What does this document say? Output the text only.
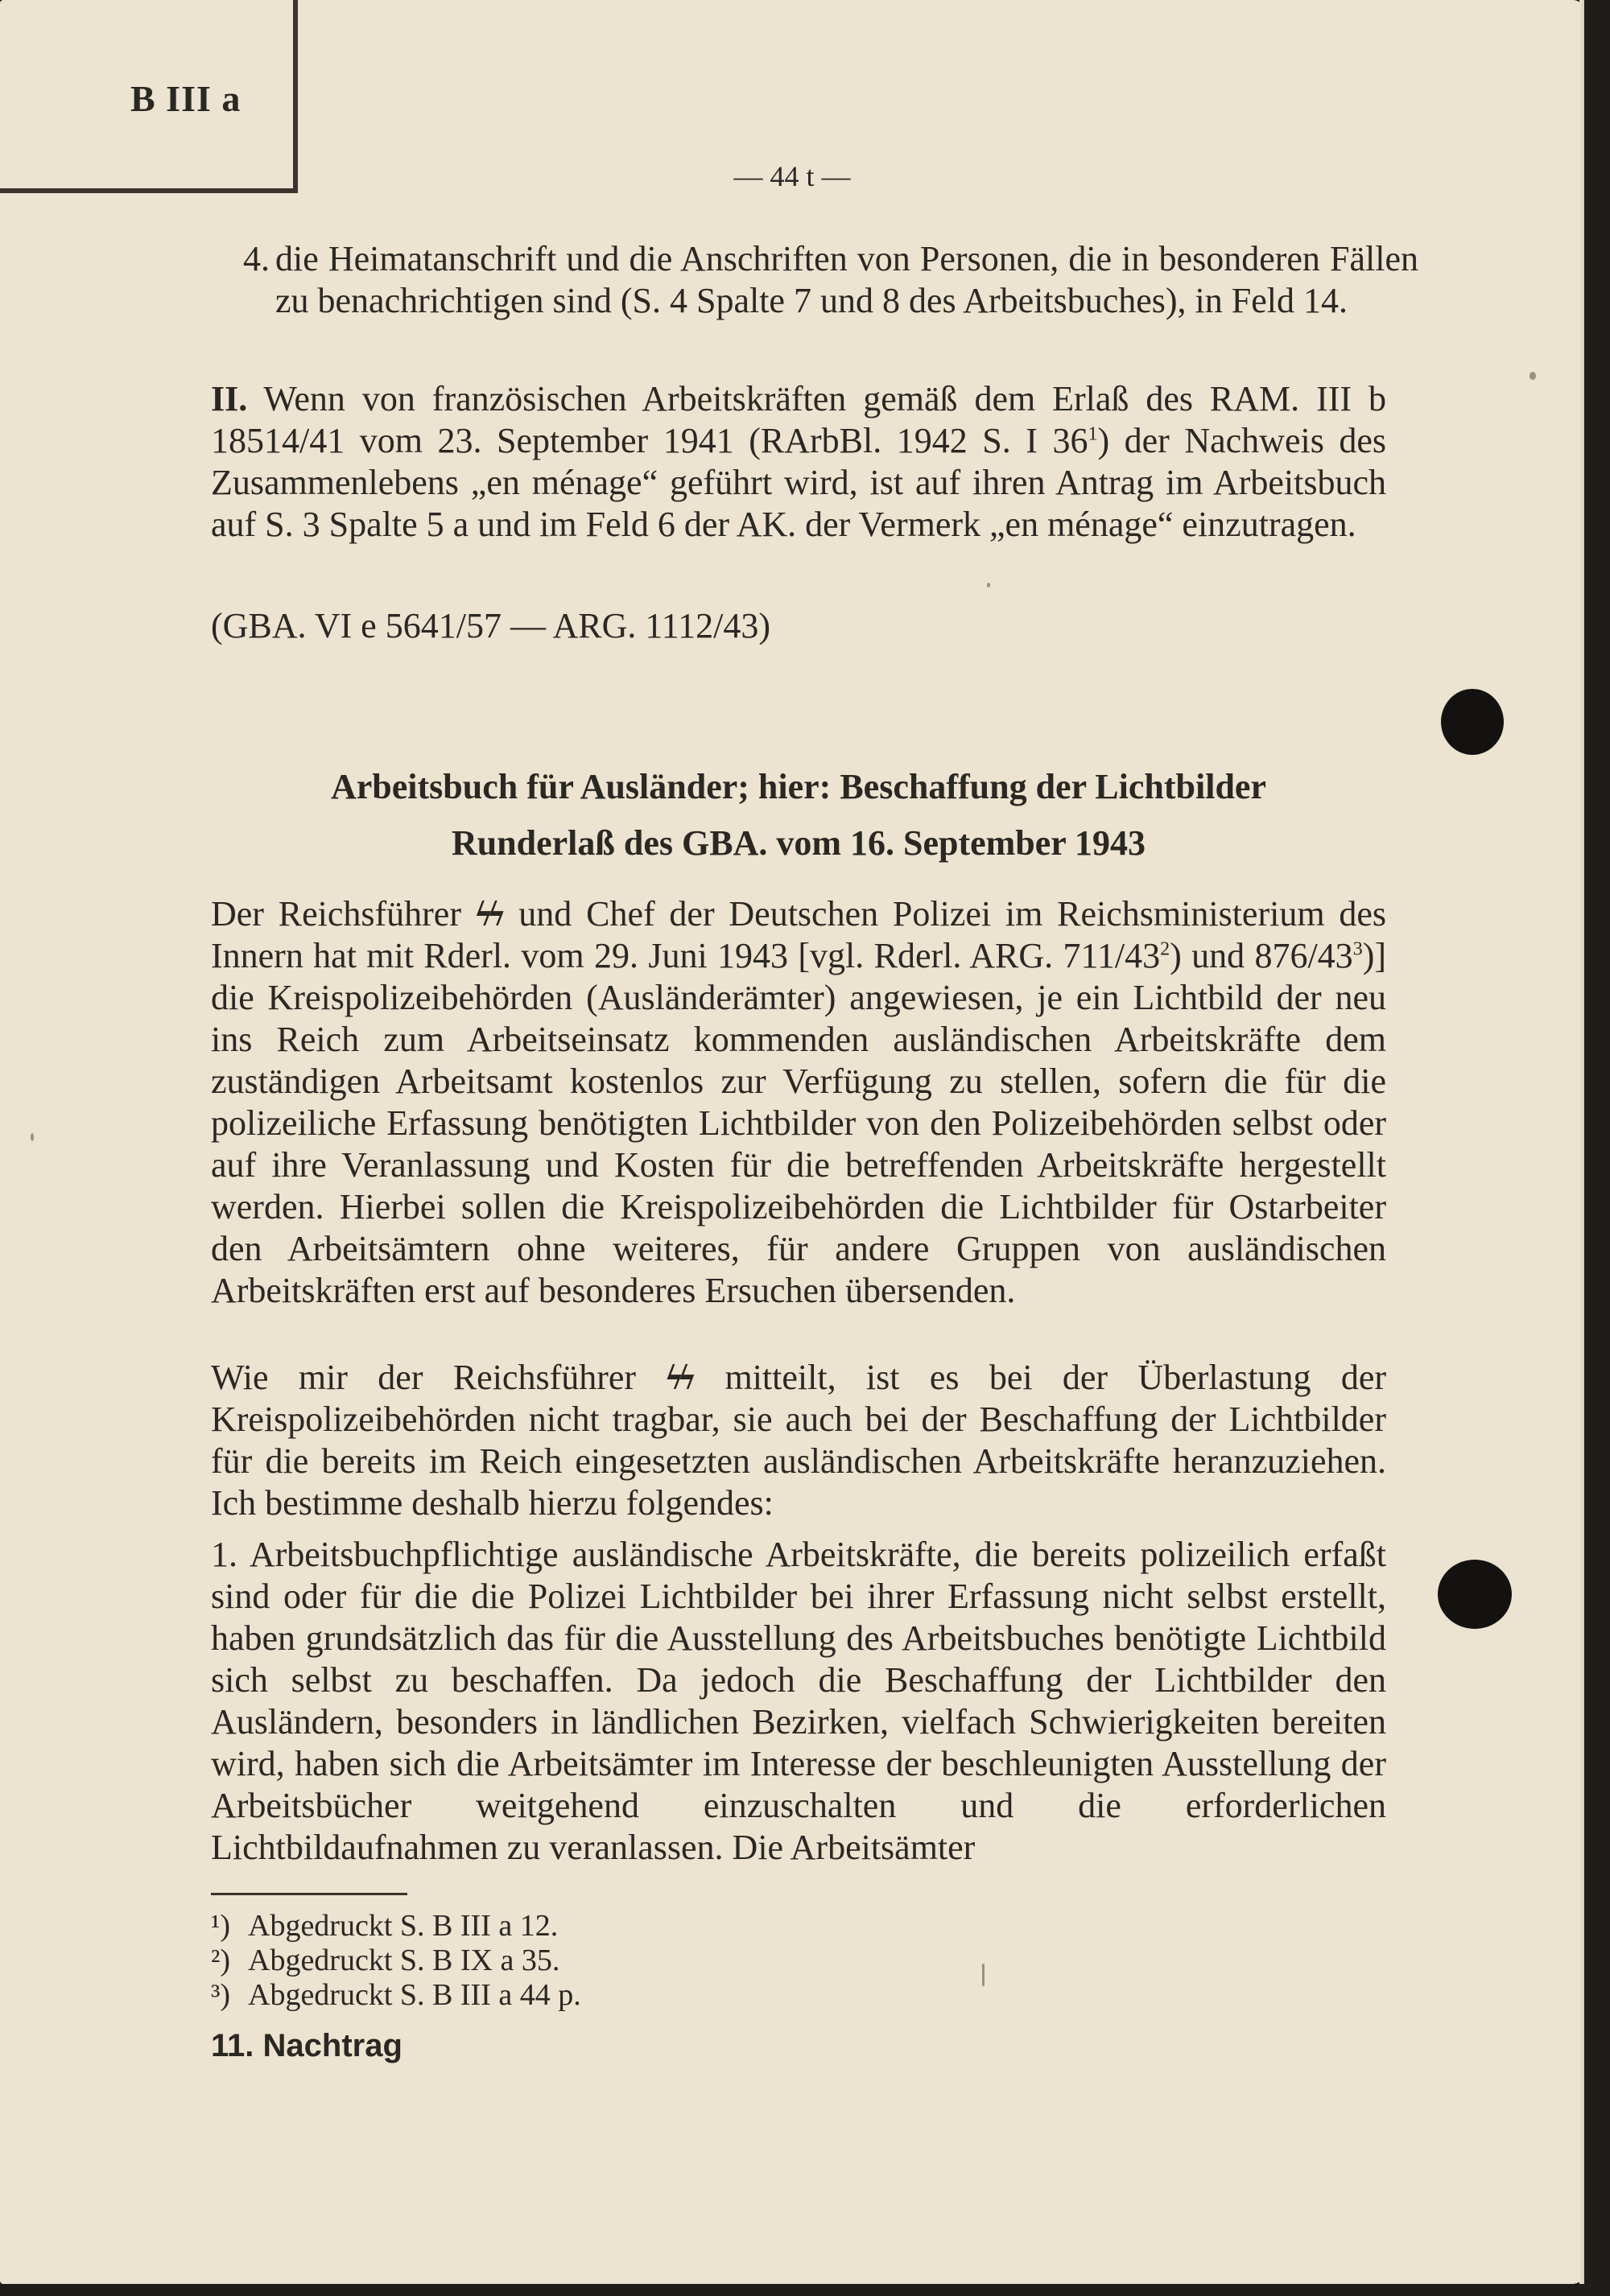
B III a
— 44 t —

4. die Heimatanschrift und die Anschriften von Personen, die in besonderen Fällen zu benachrichtigen sind (S. 4 Spalte 7 und 8 des Arbeitsbuches), in Feld 14.

II. Wenn von französischen Arbeitskräften gemäß dem Erlaß des RAM. III b 18514/41 vom 23. September 1941 (RArbBl. 1942 S. I $36^1$) der Nachweis des Zusammenlebens „en ménage“ geführt wird, ist auf ihren Antrag im Arbeitsbuch auf S. 3 Spalte 5 a und im Feld 6 der AK. der Vermerk „en ménage“ einzutragen.

(GBA. VI e 5641/57 — ARG. 1112/43)

Arbeitsbuch für Ausländer; hier: Beschaffung der Lichtbilder
Runderlaß des GBA. vom 16. September 1943

Der Reichsführer ϟϟ und Chef der Deutschen Polizei im Reichsministerium des Innern hat mit Rderl. vom 29. Juni 1943 [vgl. Rderl. ARG. $711/43^2$) und $876/43^3$)] die Kreispolizeibehörden (Ausländerämter) angewiesen, je ein Lichtbild der neu ins Reich zum Arbeitseinsatz kommenden ausländischen Arbeitskräfte dem zuständigen Arbeitsamt kostenlos zur Verfügung zu stellen, sofern die für die polizeiliche Erfassung benötigten Lichtbilder von den Polizeibehörden selbst oder auf ihre Veranlassung und Kosten für die betreffenden Arbeitskräfte hergestellt werden. Hierbei sollen die Kreispolizeibehörden die Lichtbilder für Ostarbeiter den Arbeitsämtern ohne weiteres, für andere Gruppen von ausländischen Arbeitskräften erst auf besonderes Ersuchen übersenden.

Wie mir der Reichsführer ϟϟ mitteilt, ist es bei der Überlastung der Kreispolizeibehörden nicht tragbar, sie auch bei der Beschaffung der Lichtbilder für die bereits im Reich eingesetzten ausländischen Arbeitskräfte heranzuziehen. Ich bestimme deshalb hierzu folgendes:

1. Arbeitsbuchpflichtige ausländische Arbeitskräfte, die bereits polizeilich erfaßt sind oder für die die Polizei Lichtbilder bei ihrer Erfassung nicht selbst erstellt, haben grundsätzlich das für die Ausstellung des Arbeitsbuches benötigte Lichtbild sich selbst zu beschaffen. Da jedoch die Beschaffung der Lichtbilder den Ausländern, besonders in ländlichen Bezirken, vielfach Schwierigkeiten bereiten wird, haben sich die Arbeitsämter im Interesse der beschleunigten Ausstellung der Arbeitsbücher weitgehend einzuschalten und die erforderlichen Lichtbildaufnahmen zu veranlassen. Die Arbeitsämter

¹) Abgedruckt S. B III a 12.
²) Abgedruckt S. B IX a 35.
³) Abgedruckt S. B III a 44 p.
11. Nachtrag
